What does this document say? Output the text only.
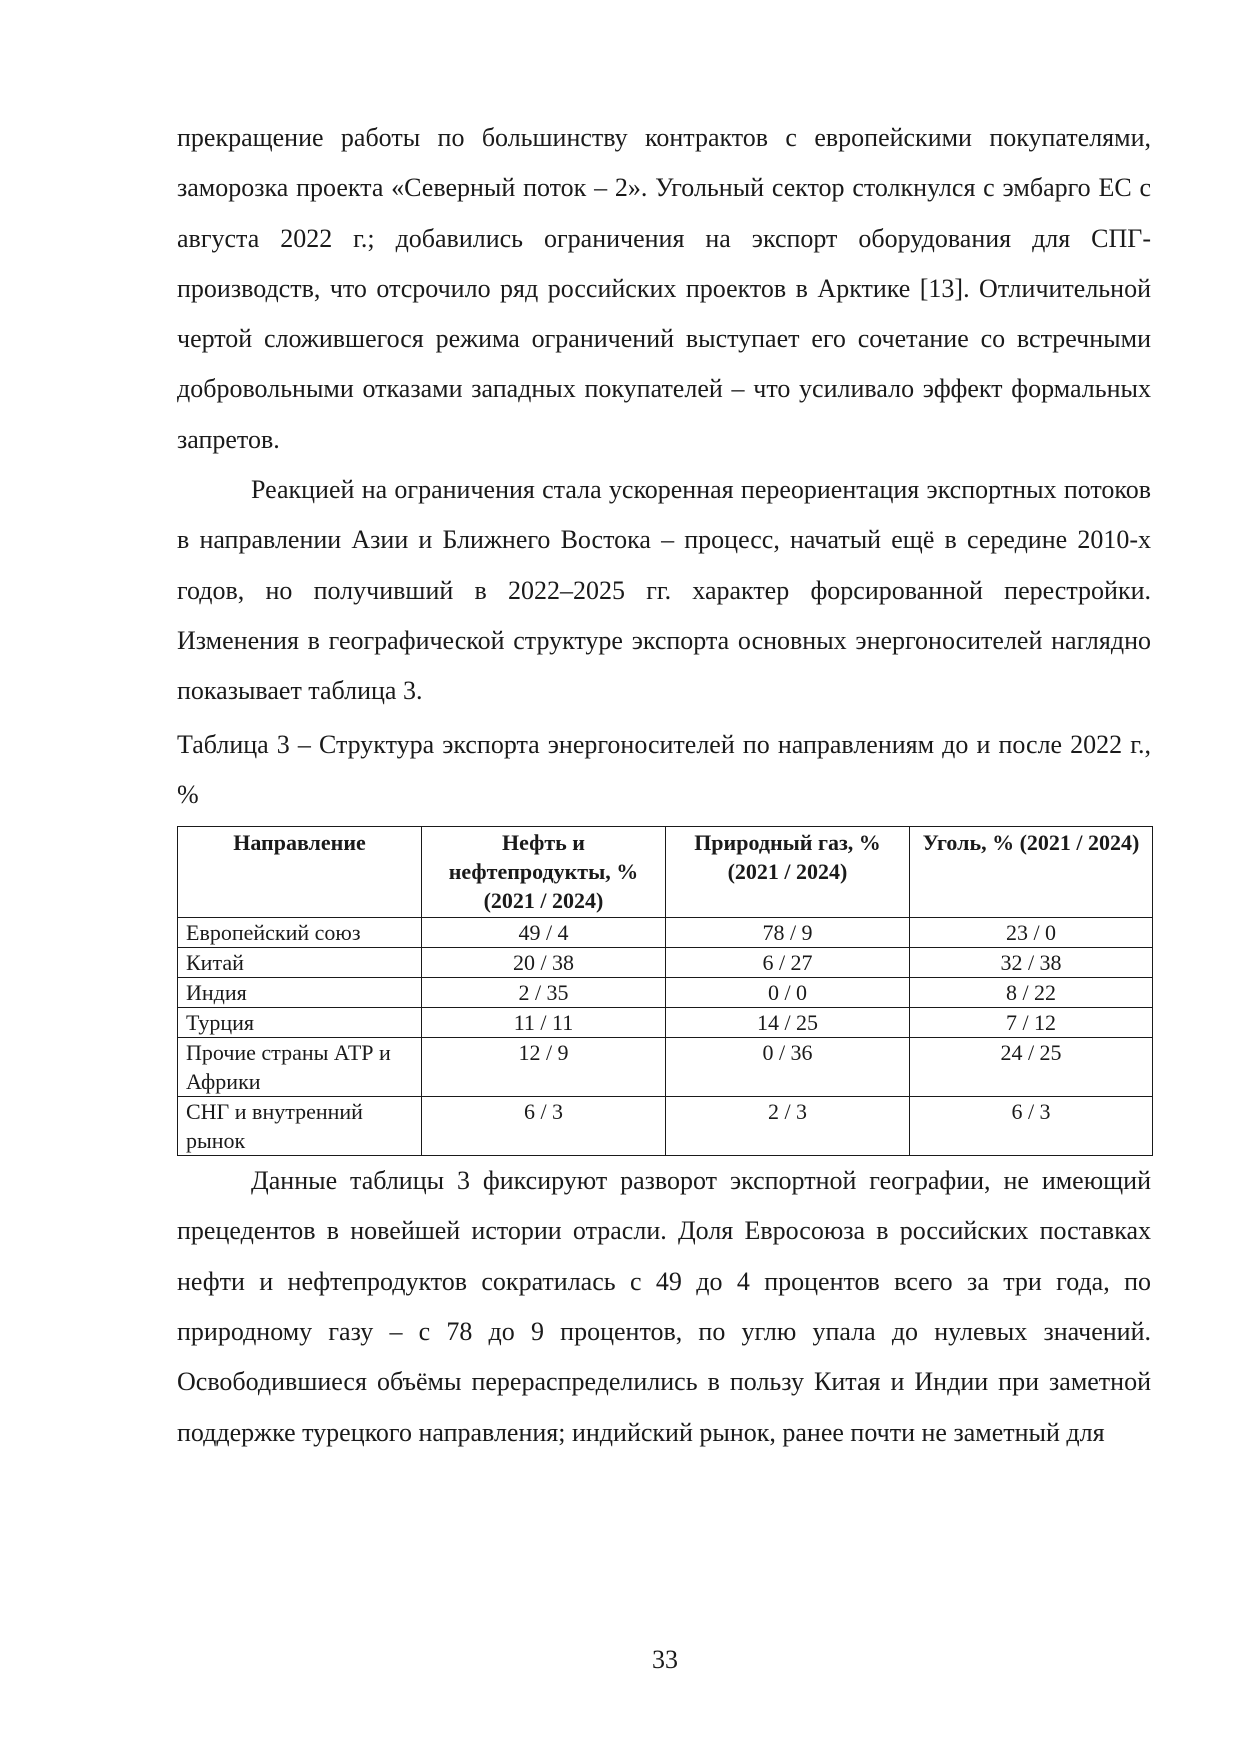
прекращение работы по большинству контрактов с европейскими покупателями, заморозка проекта «Северный поток – 2». Угольный сектор столкнулся с эмбарго ЕС с августа 2022 г.; добавились ограничения на экспорт оборудования для СПГ-производств, что отсрочило ряд российских проектов в Арктике [13]. Отличительной чертой сложившегося режима ограничений выступает его сочетание со встречными добровольными отказами западных покупателей – что усиливало эффект формальных запретов.

Реакцией на ограничения стала ускоренная переориентация экспортных потоков в направлении Азии и Ближнего Востока – процесс, начатый ещё в середине 2010-х годов, но получивший в 2022–2025 гг. характер форсированной перестройки. Изменения в географической структуре экспорта основных энергоносителей наглядно показывает таблица 3.

Таблица 3 – Структура экспорта энергоносителей по направлениям до и после 2022 г., %

Направление	Нефть и нефтепродукты, % (2021 / 2024)	Природный газ, % (2021 / 2024)	Уголь, % (2021 / 2024)
Европейский союз	49 / 4	78 / 9	23 / 0
Китай	20 / 38	6 / 27	32 / 38
Индия	2 / 35	0 / 0	8 / 22
Турция	11 / 11	14 / 25	7 / 12
Прочие страны АТР и Африки	12 / 9	0 / 36	24 / 25
СНГ и внутренний рынок	6 / 3	2 / 3	6 / 3

Данные таблицы 3 фиксируют разворот экспортной географии, не имеющий прецедентов в новейшей истории отрасли. Доля Евросоюза в российских поставках нефти и нефтепродуктов сократилась с 49 до 4 процентов всего за три года, по природному газу – с 78 до 9 процентов, по углю упала до нулевых значений. Освободившиеся объёмы перераспределились в пользу Китая и Индии при заметной поддержке турецкого направления; индийский рынок, ранее почти не заметный для

33
